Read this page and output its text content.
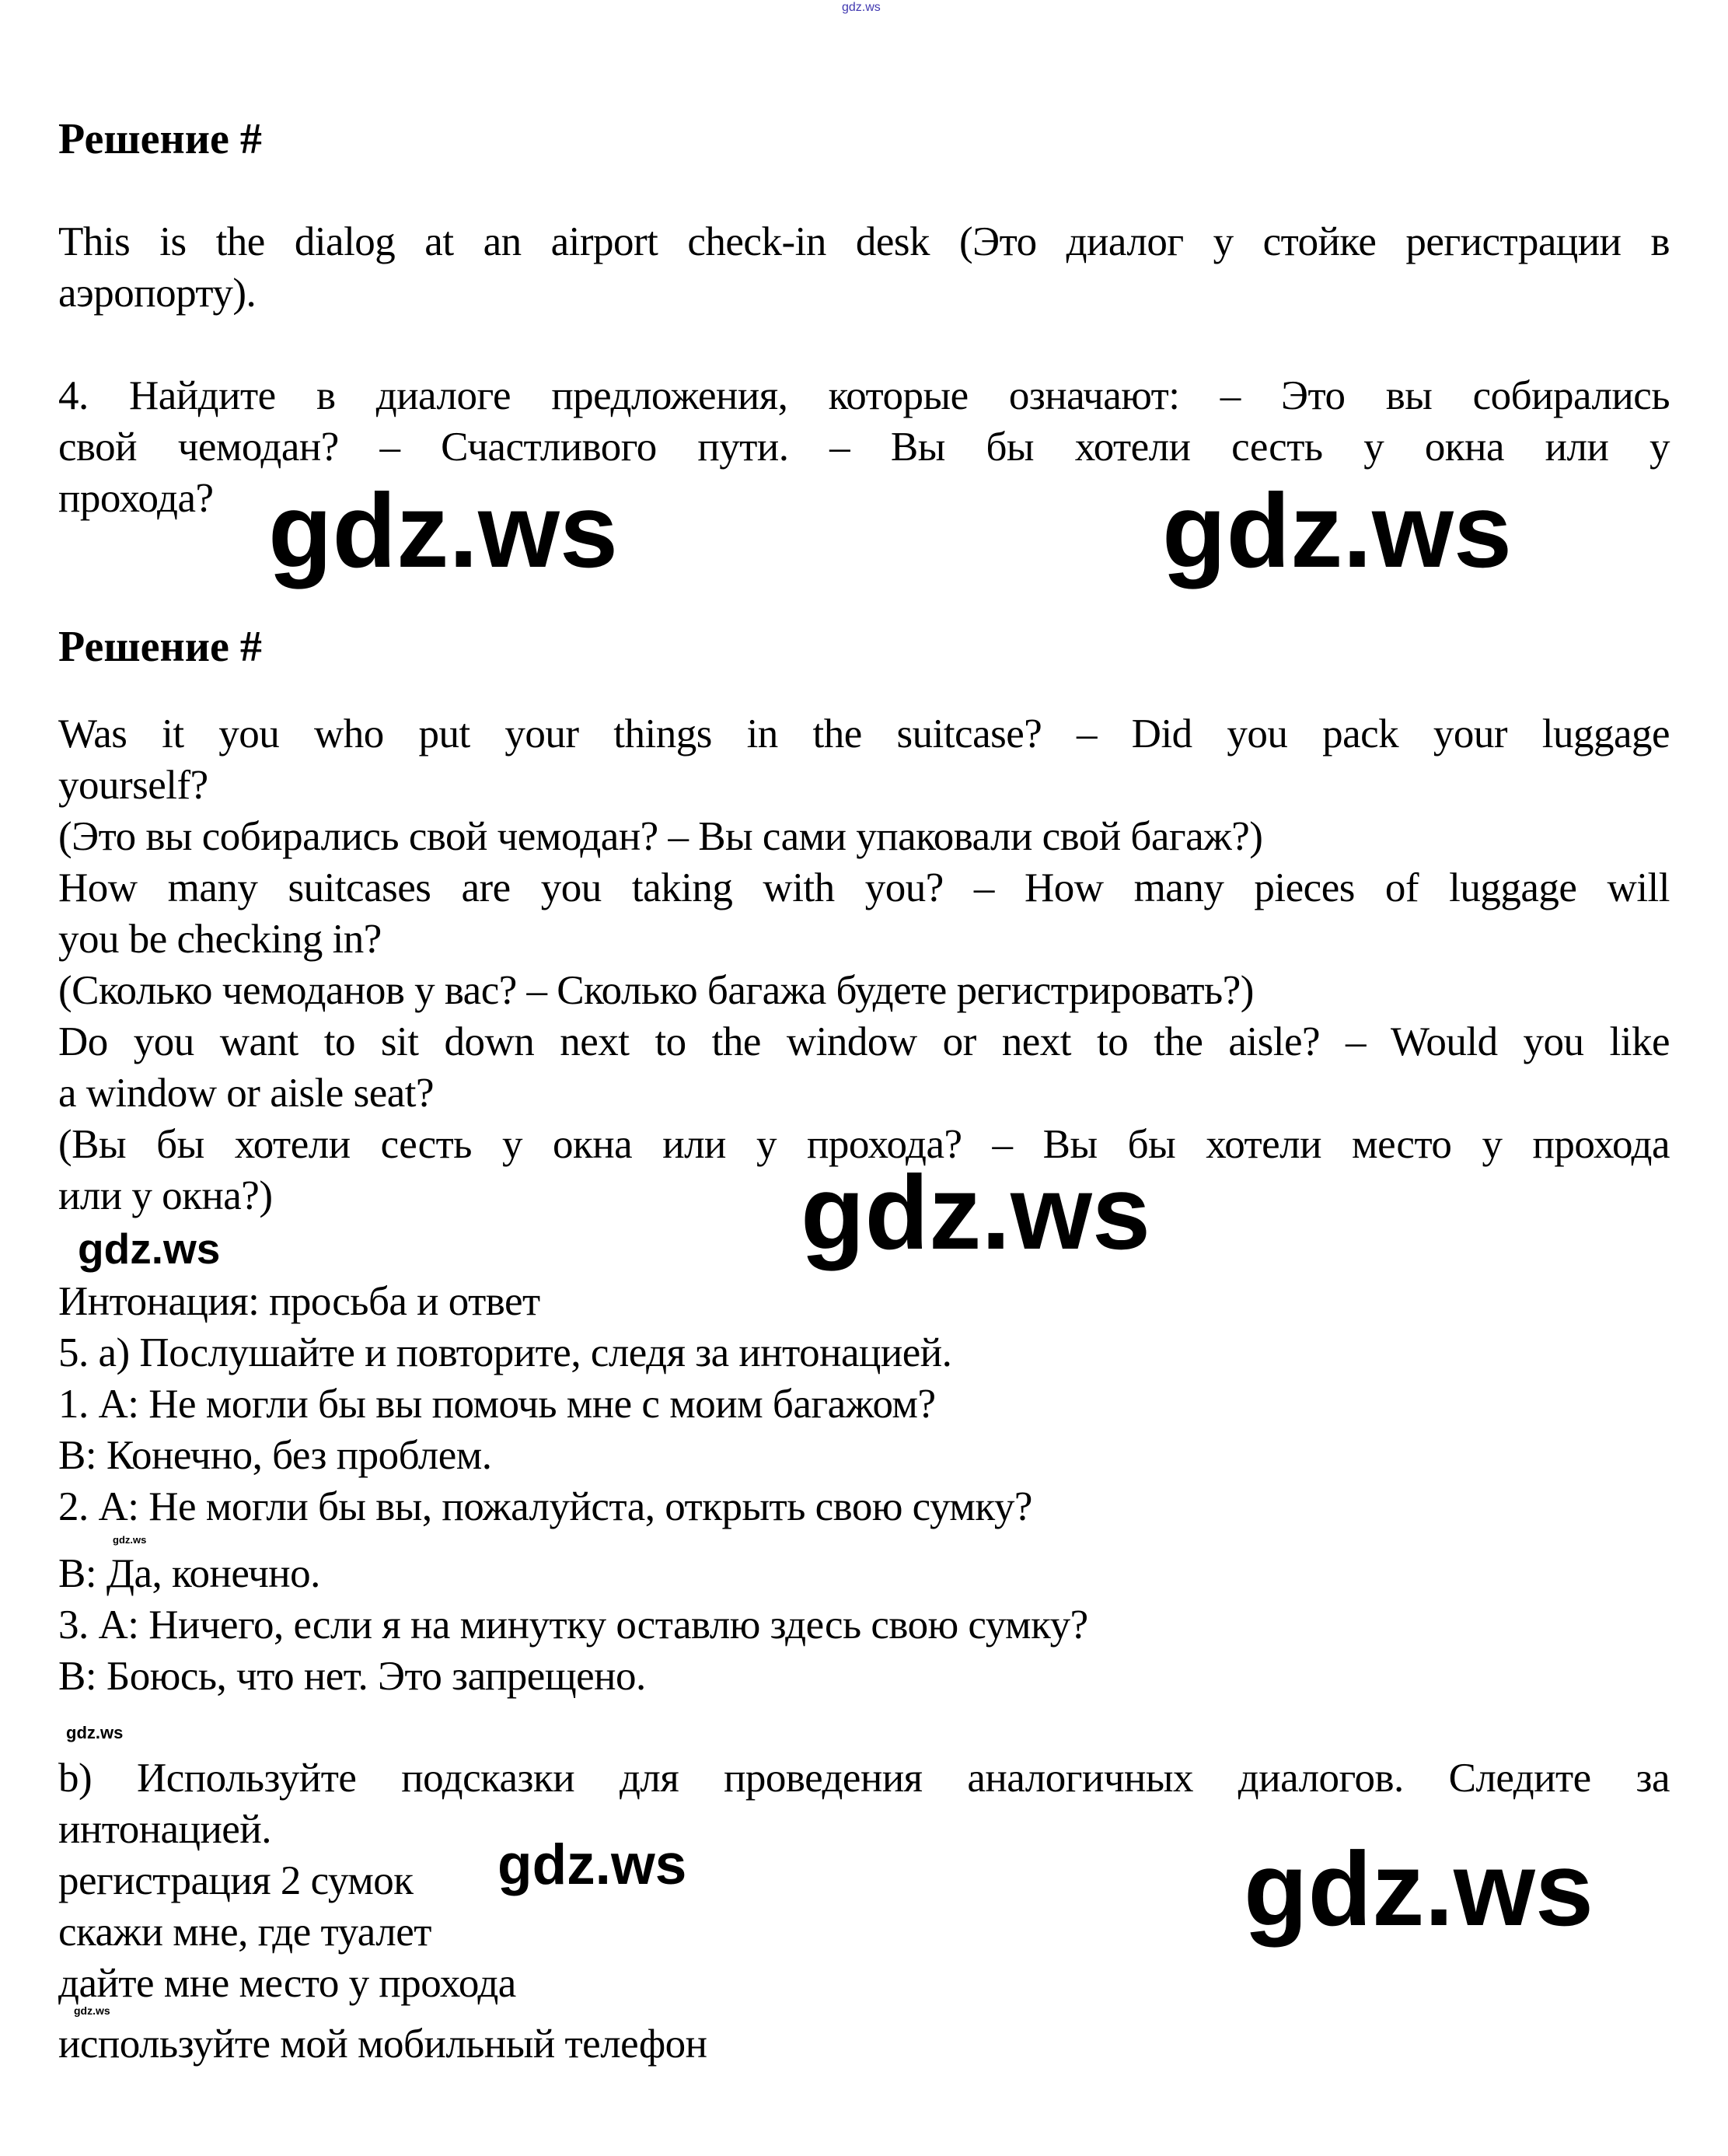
gdz.ws
gdz.ws	gdz.ws
gdz.ws
gdz.ws
gdz.ws
Решение #
This is the dialog at an airport check-in desk (Это диалог у стойке регистрации в
аэропорту).
4. Найдите в диалоге предложения, которые означают: – Это вы собирались
свой чемодан? – Счастливого пути. – Вы бы хотели сесть у окна или у
прохода?
Решение #
Was it you who put your things in the suitcase? – Did you pack your luggage
yourself?
(Это вы собирались свой чемодан? – Вы сами упаковали свой багаж?)
How many suitcases are you taking with you? – How many pieces of luggage will
you be checking in?
(Сколько чемоданов у вас? – Сколько багажа будете регистрировать?)
Do you want to sit down next to the window or next to the aisle? – Would you like
a window or aisle seat?
(Вы бы хотели сесть у окна или у прохода? – Вы бы хотели место у прохода
или у окна?)
gdz.ws
Интонация: просьба и ответ
5. а) Послушайте и повторите, следя за интонацией.
1. А: Не могли бы вы помочь мне с моим багажом?
В: Конечно, без проблем.
2. А: Не могли бы вы, пожалуйста, открыть свою сумку?
gdz.ws
В: Да, конечно.
3. А: Ничего, если я на минутку оставлю здесь свою сумку?
В: Боюсь, что нет. Это запрещено.
gdz.ws
b) Используйте подсказки для проведения аналогичных диалогов. Следите за
интонацией.
регистрация 2 сумок
скажи мне, где туалет
дайте мне место у прохода
gdz.ws
используйте мой мобильный телефон
